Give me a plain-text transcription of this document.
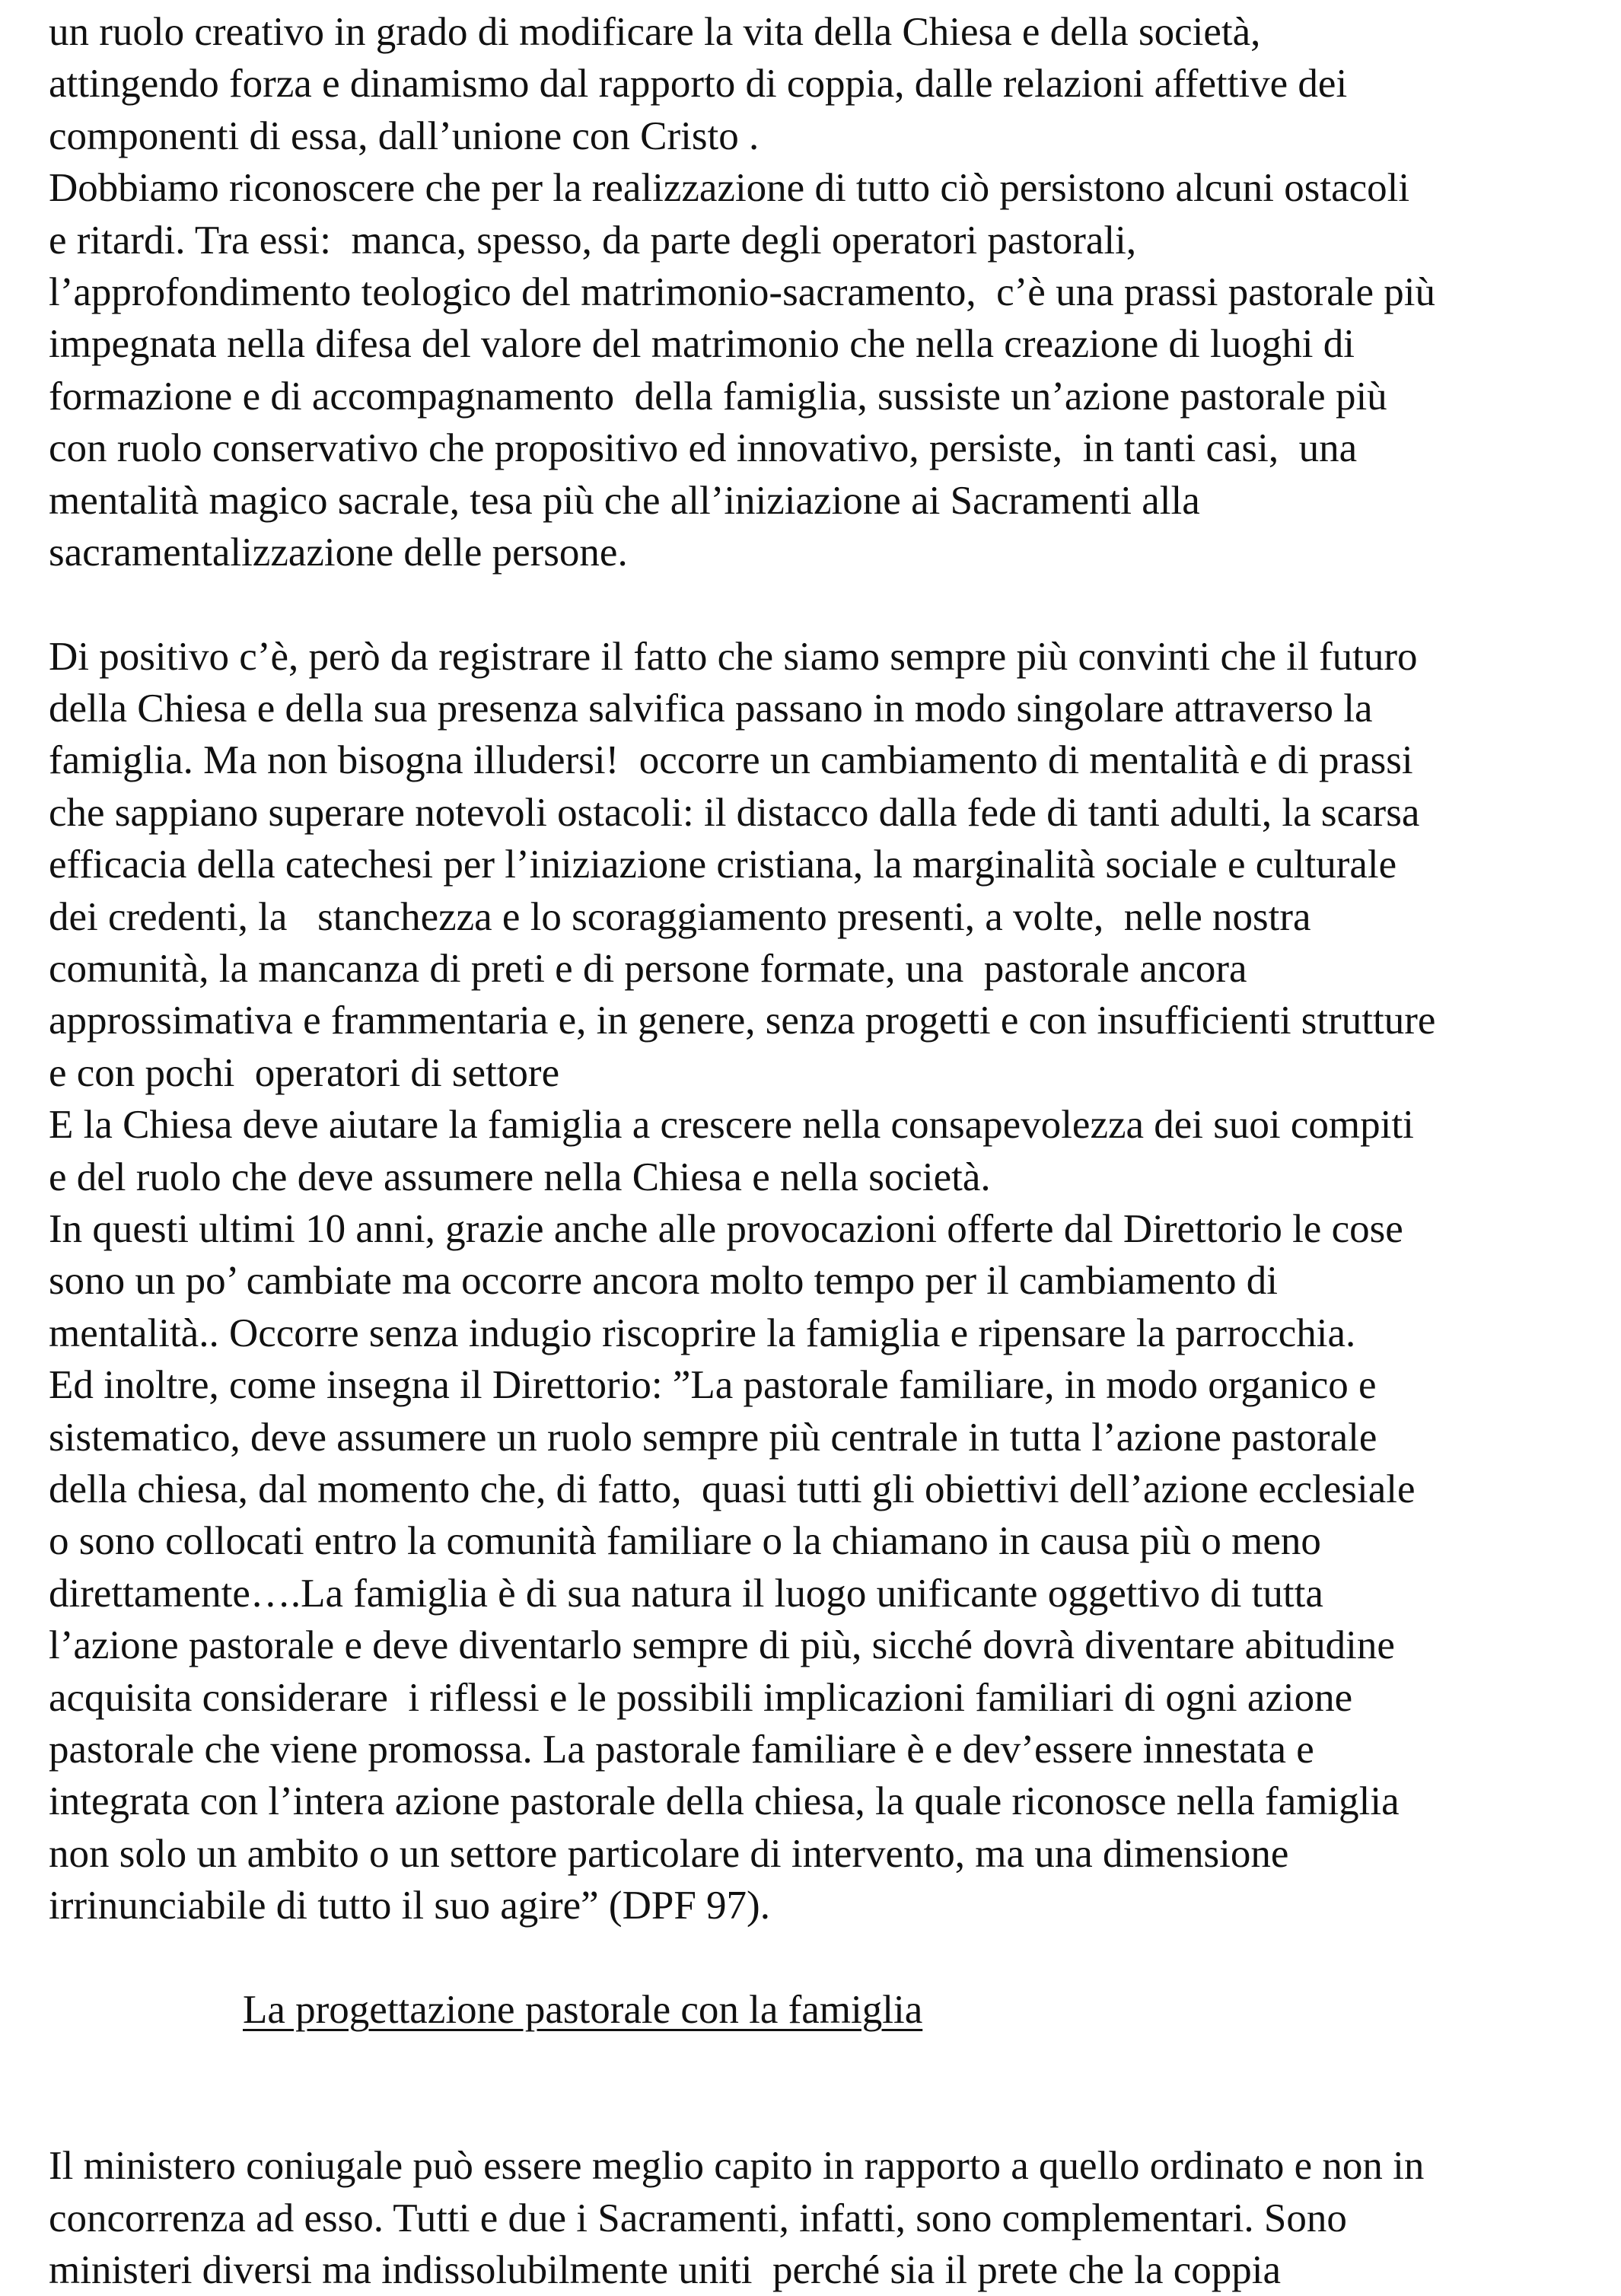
un ruolo creativo in grado di modificare la vita della Chiesa e della società,

attingendo forza e dinamismo dal rapporto di coppia, dalle relazioni affettive dei

componenti di essa, dall’unione con Cristo .

Dobbiamo riconoscere che per la realizzazione di tutto ciò persistono alcuni ostacoli

e ritardi. Tra essi:  manca, spesso, da parte degli operatori pastorali,

l’approfondimento teologico del matrimonio-sacramento,  c’è una prassi pastorale più

impegnata nella difesa del valore del matrimonio che nella creazione di luoghi di

formazione e di accompagnamento  della famiglia, sussiste un’azione pastorale più

con ruolo conservativo che propositivo ed innovativo, persiste,  in tanti casi,  una

mentalità magico sacrale, tesa più che all’iniziazione ai Sacramenti alla

sacramentalizzazione delle persone.

Di positivo c’è, però da registrare il fatto che siamo sempre più convinti che il futuro

della Chiesa e della sua presenza salvifica passano in modo singolare attraverso la

famiglia. Ma non bisogna illudersi!  occorre un cambiamento di mentalità e di prassi

che sappiano superare notevoli ostacoli: il distacco dalla fede di tanti adulti, la scarsa

efficacia della catechesi per l’iniziazione cristiana, la marginalità sociale e culturale

dei credenti, la   stanchezza e lo scoraggiamento presenti, a volte,  nelle nostra

comunità, la mancanza di preti e di persone formate, una  pastorale ancora

approssimativa e frammentaria e, in genere, senza progetti e con insufficienti strutture

e con pochi  operatori di settore

E la Chiesa deve aiutare la famiglia a crescere nella consapevolezza dei suoi compiti

e del ruolo che deve assumere nella Chiesa e nella società.

In questi ultimi 10 anni, grazie anche alle provocazioni offerte dal Direttorio le cose

sono un po’ cambiate ma occorre ancora molto tempo per il cambiamento di

mentalità.. Occorre senza indugio riscoprire la famiglia e ripensare la parrocchia.

Ed inoltre, come insegna il Direttorio: ”La pastorale familiare, in modo organico e

sistematico, deve assumere un ruolo sempre più centrale in tutta l’azione pastorale

della chiesa, dal momento che, di fatto,  quasi tutti gli obiettivi dell’azione ecclesiale

o sono collocati entro la comunità familiare o la chiamano in causa più o meno

direttamente….La famiglia è di sua natura il luogo unificante oggettivo di tutta

l’azione pastorale e deve diventarlo sempre di più, sicché dovrà diventare abitudine

acquisita considerare  i riflessi e le possibili implicazioni familiari di ogni azione

pastorale che viene promossa. La pastorale familiare è e dev’essere innestata e

integrata con l’intera azione pastorale della chiesa, la quale riconosce nella famiglia

non solo un ambito o un settore particolare di intervento, ma una dimensione

irrinunciabile di tutto il suo agire” (DPF 97).

La progettazione pastorale con la famiglia

Il ministero coniugale può essere meglio capito in rapporto a quello ordinato e non in

concorrenza ad esso. Tutti e due i Sacramenti, infatti, sono complementari. Sono

ministeri diversi ma indissolubilmente uniti  perché sia il prete che la coppia
